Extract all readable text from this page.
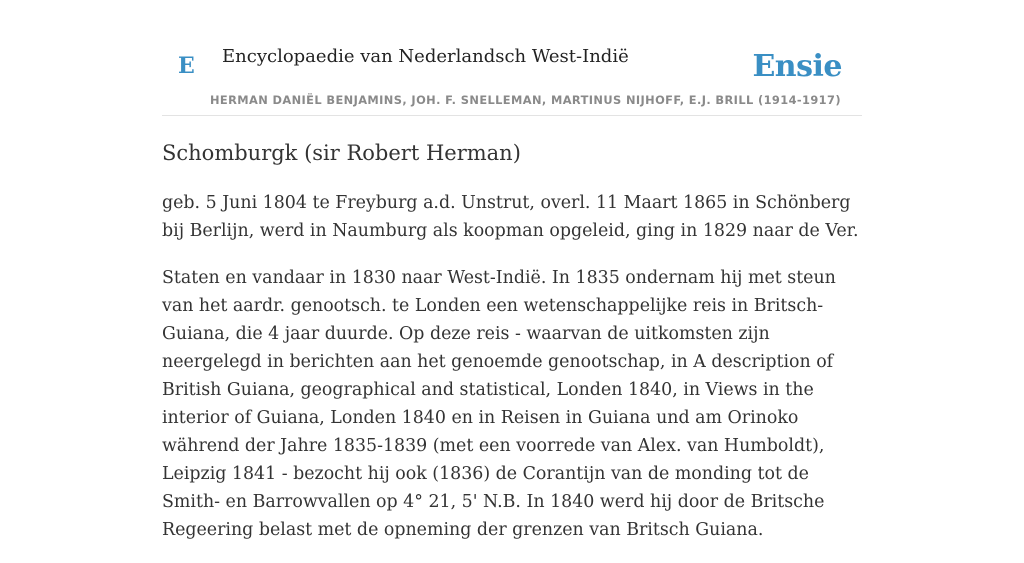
E Encyclopaedie van Nederlandsch West-Indië	Ensie
HERMAN DANIËL BENJAMINS, JOH. F. SNELLEMAN, MARTINUS NIJHOFF, E.J. BRILL (1914-1917)
Schomburgk (sir Robert Herman)

geb. 5 Juni 1804 te Freyburg a.d. Unstrut, overl. 11 Maart 1865 in Schönberg bij Berlijn, werd in Naumburg als koopman opgeleid, ging in 1829 naar de Ver.

Staten en vandaar in 1830 naar West-Indië. In 1835 ondernam hij met steun van het aardr. genootsch. te Londen een wetenschappelijke reis in Britsch-Guiana, die 4 jaar duurde. Op deze reis - waarvan de uitkomsten zijn neergelegd in berichten aan het genoemde genootschap, in A description of British Guiana, geographical and statistical, Londen 1840, in Views in the interior of Guiana, Londen 1840 en in Reisen in Guiana und am Orinoko während der Jahre 1835-1839 (met een voorrede van Alex. van Humboldt), Leipzig 1841 - bezocht hij ook (1836) de Corantijn van de monding tot de Smith- en Barrowvallen op 4° 21, 5' N.B. In 1840 werd hij door de Britsche Regeering belast met de opneming der grenzen van Britsch Guiana.
